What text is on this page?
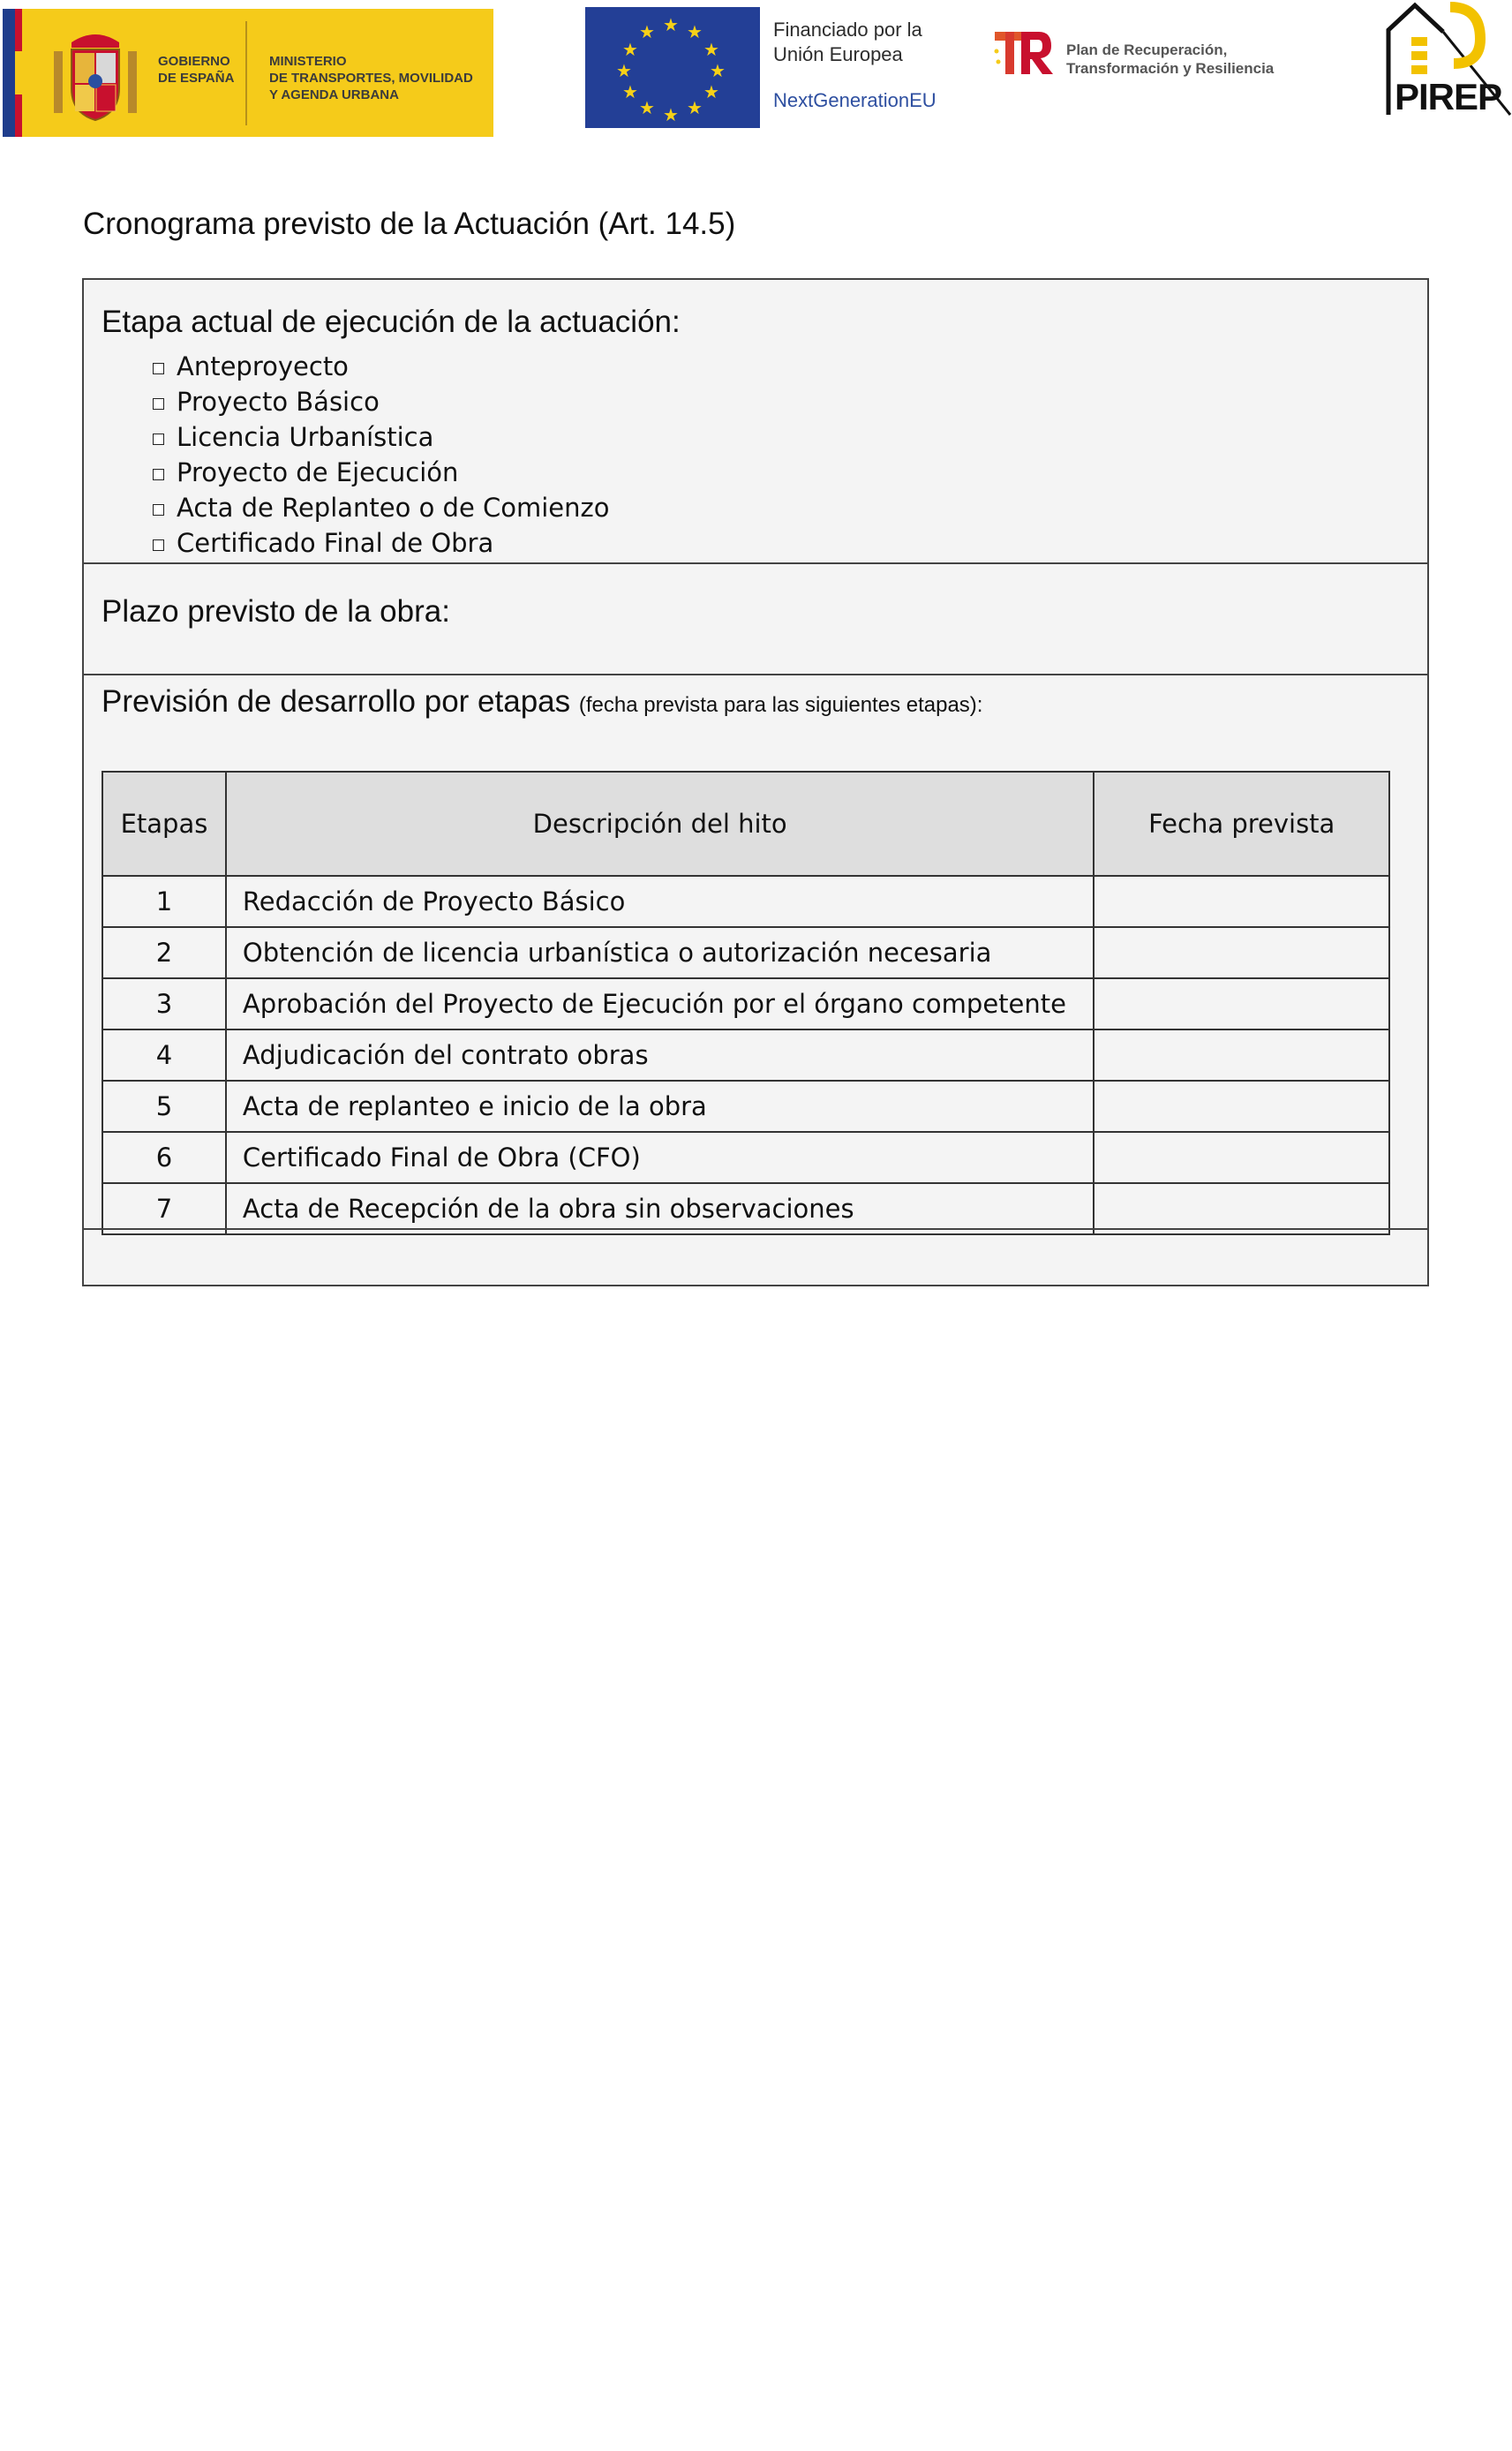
GOBIERNO
DE ESPAÑA
MINISTERIO
DE TRANSPORTES, MOVILIDAD
Y AGENDA URBANA
★ ★
★
★
★
★
★
★
★
★
★
★	Financiado por la
Unión Europea
NextGenerationEU
Plan de Recuperación,
Transformación y Resiliencia
PIREP
Cronograma previsto de la Actuación (Art. 14.5)
Etapa actual de ejecución de la actuación:
Anteproyecto
Proyecto Básico
Licencia Urbanística
Proyecto de Ejecución
Acta de Replanteo o de Comienzo
Certificado Final de Obra
Plazo previsto de la obra:
Previsión de desarrollo por etapas (fecha prevista para las siguientes etapas):
Etapas	Descripción del hito	Fecha prevista
1	Redacción de Proyecto Básico	
2	Obtención de licencia urbanística o autorización necesaria	
3	Aprobación del Proyecto de Ejecución por el órgano competente	
4	Adjudicación del contrato obras	
5	Acta de replanteo e inicio de la obra	
6	Certificado Final de Obra (CFO)	
7	Acta de Recepción de la obra sin observaciones	
